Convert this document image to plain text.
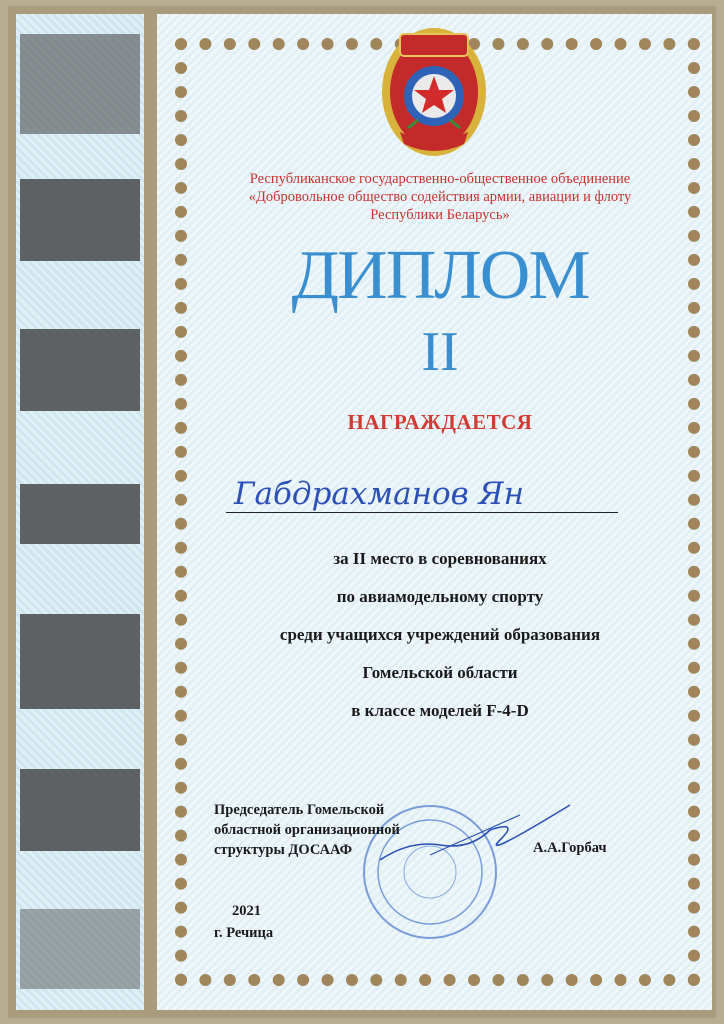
Республиканское государственно-общественное объединение
«Добровольное общество содействия армии, авиации и флоту
Республики Беларусь»
ДИПЛОМ
II
НАГРАЖДАЕТСЯ
Габдрахманов Ян
за II место в соревнованиях
по авиамодельному спорту
среди учащихся учреждений образования
Гомельской области
в классе моделей F-4-D
Председатель Гомельской
областной организационной
структуры ДОСААФ	А.А.Горбач
2021
г. Речица
